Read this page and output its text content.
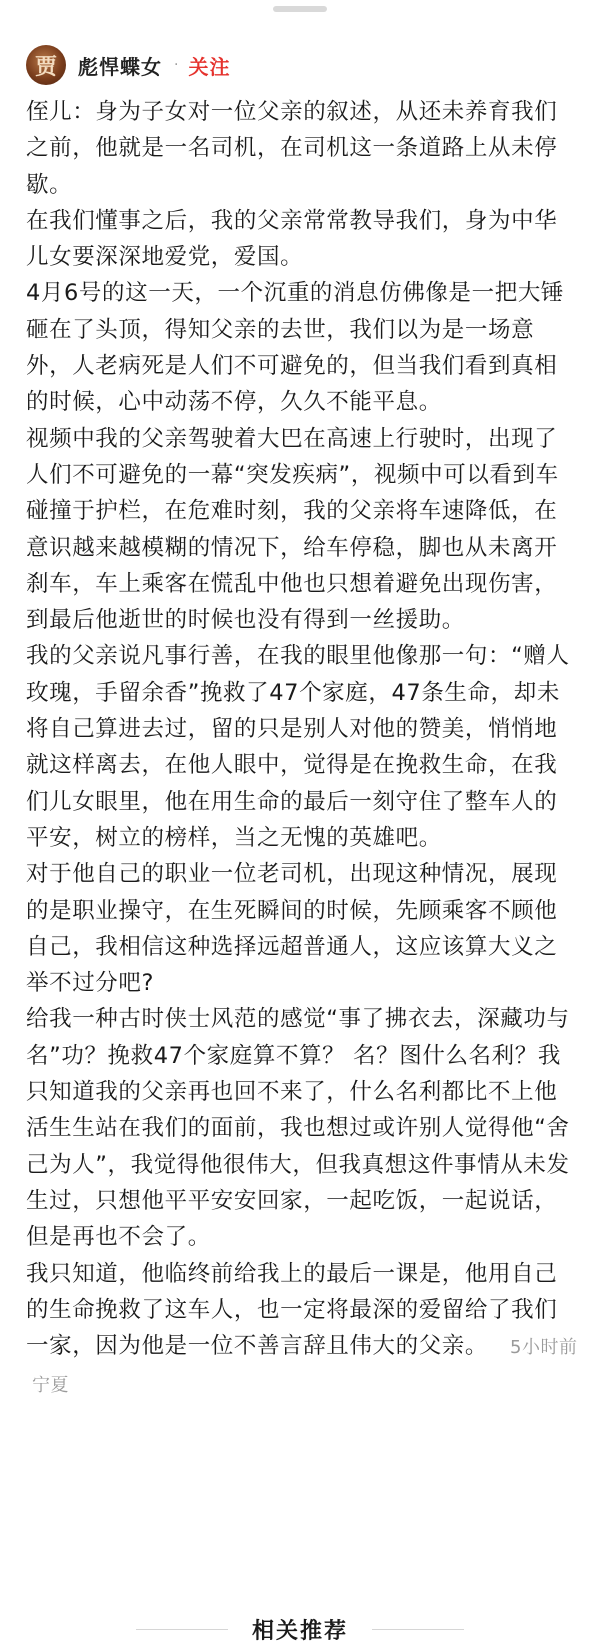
贾	彪悍蝶女 · 关注

侄儿：身为子女对一位父亲的叙述，从还未养育我们之前，他就是一名司机，在司机这一条道路上从未停歇。

在我们懂事之后，我的父亲常常教导我们，身为中华儿女要深深地爱党，爱国。

4月6号的这一天，一个沉重的消息仿佛像是一把大锤砸在了头顶，得知父亲的去世，我们以为是一场意外，人老病死是人们不可避免的，但当我们看到真相的时候，心中动荡不停，久久不能平息。

视频中我的父亲驾驶着大巴在高速上行驶时，出现了人们不可避免的一幕“突发疾病”，视频中可以看到车碰撞于护栏，在危难时刻，我的父亲将车速降低，在意识越来越模糊的情况下，给车停稳，脚也从未离开刹车，车上乘客在慌乱中他也只想着避免出现伤害，到最后他逝世的时候也没有得到一丝援助。

我的父亲说凡事行善，在我的眼里他像那一句：“赠人玫瑰，手留余香”挽救了47个家庭，47条生命，却未将自己算进去过，留的只是别人对他的赞美，悄悄地就这样离去，在他人眼中，觉得是在挽救生命，在我们儿女眼里，他在用生命的最后一刻守住了整车人的平安，树立的榜样，当之无愧的英雄吧。

对于他自己的职业一位老司机，出现这种情况，展现的是职业操守，在生死瞬间的时候，先顾乘客不顾他自己，我相信这种选择远超普通人，这应该算大义之举不过分吧?

给我一种古时侠士风范的感觉“事了拂衣去，深藏功与名”功？挽救47个家庭算不算？ 名？图什么名利？我只知道我的父亲再也回不来了，什么名利都比不上他活生生站在我们的面前，我也想过或许别人觉得他“舍己为人”，我觉得他很伟大，但我真想这件事情从未发生过，只想他平平安安回家，一起吃饭，一起说话，但是再也不会了。

我只知道，他临终前给我上的最后一课是，他用自己的生命挽救了这车人，也一定将最深的爱留给了我们一家，因为他是一位不善言辞且伟大的父亲。 5小时前宁夏

相关推荐
